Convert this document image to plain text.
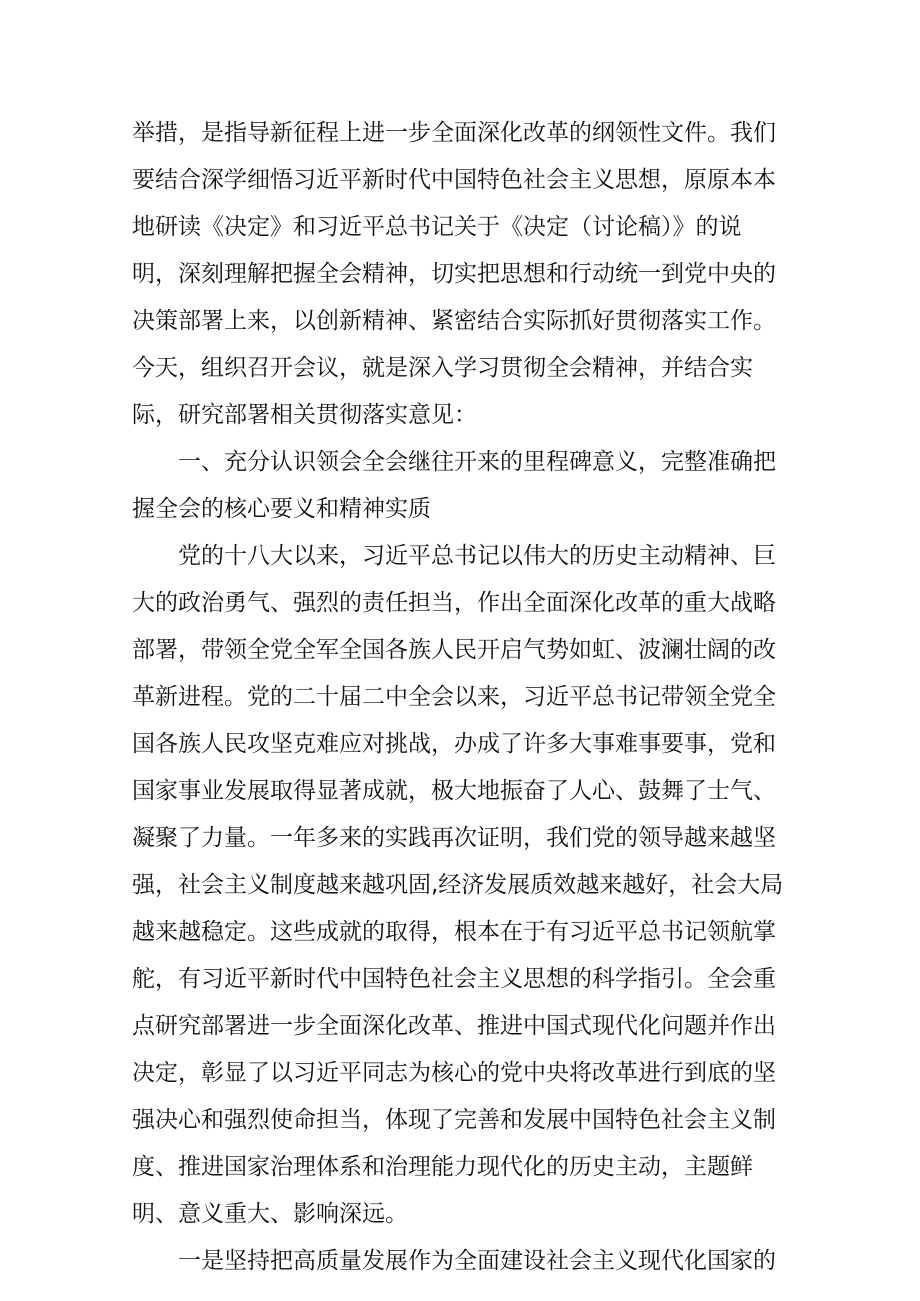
举措，是指导新征程上进一步全面深化改革的纲领性文件。我们
要结合深学细悟习近平新时代中国特色社会主义思想，原原本本
地研读《决定》和习近平总书记关于《决定（讨论稿）》的说
明，深刻理解把握全会精神，切实把思想和行动统一到党中央的
决策部署上来，以创新精神、紧密结合实际抓好贯彻落实工作。
今天，组织召开会议，就是深入学习贯彻全会精神，并结合实
际，研究部署相关贯彻落实意见：
一、充分认识领会全会继往开来的里程碑意义，完整准确把
握全会的核心要义和精神实质
党的十八大以来，习近平总书记以伟大的历史主动精神、巨
大的政治勇气、强烈的责任担当，作出全面深化改革的重大战略
部署，带领全党全军全国各族人民开启气势如虹、波澜壮阔的改
革新进程。党的二十届二中全会以来，习近平总书记带领全党全
国各族人民攻坚克难应对挑战，办成了许多大事难事要事，党和
国家事业发展取得显著成就，极大地振奋了人心、鼓舞了士气、
凝聚了力量。一年多来的实践再次证明，我们党的领导越来越坚
强，社会主义制度越来越巩固,经济发展质效越来越好，社会大局
越来越稳定。这些成就的取得，根本在于有习近平总书记领航掌
舵，有习近平新时代中国特色社会主义思想的科学指引。全会重
点研究部署进一步全面深化改革、推进中国式现代化问题并作出
决定，彰显了以习近平同志为核心的党中央将改革进行到底的坚
强决心和强烈使命担当，体现了完善和发展中国特色社会主义制
度、推进国家治理体系和治理能力现代化的历史主动，主题鲜
明、意义重大、影响深远。
一是坚持把高质量发展作为全面建设社会主义现代化国家的
